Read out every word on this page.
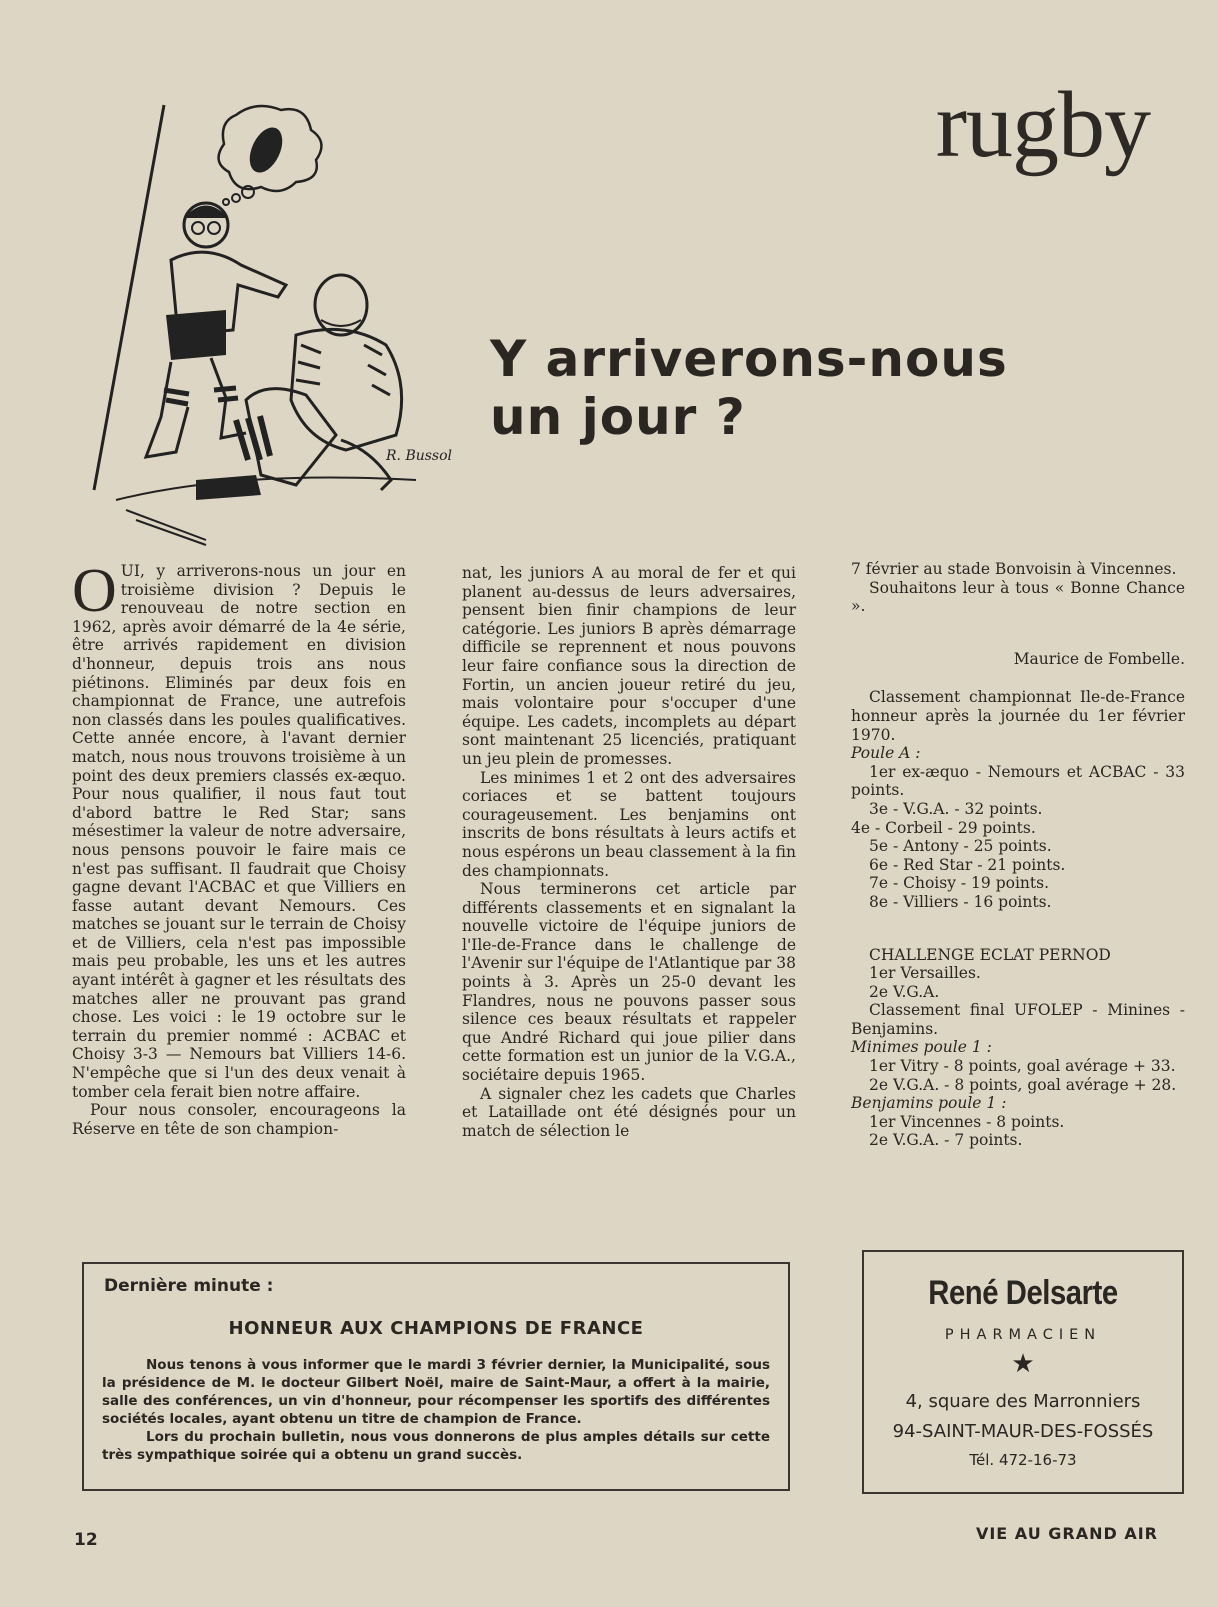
rugby
R. Bussol
Y arriverons-nous
un jour ?

OUI, y arriverons-nous un jour en troisième division ? Depuis le renouveau de notre section en 1962, après avoir démarré de la 4e série, être arrivés rapidement en division d'honneur, depuis trois ans nous piétinons. Eliminés par deux fois en championnat de France, une autrefois non classés dans les poules qualificatives. Cette année encore, à l'avant dernier match, nous nous trouvons troisième à un point des deux premiers classés ex-æquo. Pour nous qualifier, il nous faut tout d'abord battre le Red Star; sans mésestimer la valeur de notre adversaire, nous pensons pouvoir le faire mais ce n'est pas suffisant. Il faudrait que Choisy gagne devant l'ACBAC et que Villiers en fasse autant devant Nemours. Ces matches se jouant sur le terrain de Choisy et de Villiers, cela n'est pas impossible mais peu probable, les uns et les autres ayant intérêt à gagner et les résultats des matches aller ne prouvant pas grand chose. Les voici : le 19 octobre sur le terrain du premier nommé : ACBAC et Choisy 3-3 — Nemours bat Villiers 14-6. N'empêche que si l'un des deux venait à tomber cela ferait bien notre affaire.

Pour nous consoler, encourageons la Réserve en tête de son champion-

nat, les juniors A au moral de fer et qui planent au-dessus de leurs adversaires, pensent bien finir champions de leur catégorie. Les juniors B après démarrage difficile se reprennent et nous pouvons leur faire confiance sous la direction de Fortin, un ancien joueur retiré du jeu, mais volontaire pour s'occuper d'une équipe. Les cadets, incomplets au départ sont maintenant 25 licenciés, pratiquant un jeu plein de promesses.

Les minimes 1 et 2 ont des adversaires coriaces et se battent toujours courageusement. Les benjamins ont inscrits de bons résultats à leurs actifs et nous espérons un beau classement à la fin des championnats.

Nous terminerons cet article par différents classements et en signalant la nouvelle victoire de l'équipe juniors de l'Ile-de-France dans le challenge de l'Avenir sur l'équipe de l'Atlantique par 38 points à 3. Après un 25-0 devant les Flandres, nous ne pouvons passer sous silence ces beaux résultats et rappeler que André Richard qui joue pilier dans cette formation est un junior de la V.G.A., sociétaire depuis 1965.

A signaler chez les cadets que Charles et Lataillade ont été désignés pour un match de sélection le

7 février au stade Bonvoisin à Vincennes.

Souhaitons leur à tous « Bonne Chance ».

Maurice de Fombelle.

Classement championnat Ile-de-France honneur après la journée du 1er février 1970.

Poule A :

1er ex-æquo - Nemours et ACBAC - 33 points.

3e - V.G.A. - 32 points.

4e - Corbeil - 29 points.

5e - Antony - 25 points.

6e - Red Star - 21 points.

7e - Choisy - 19 points.

8e - Villiers - 16 points.

CHALLENGE ECLAT PERNOD

1er Versailles.

2e V.G.A.

Classement final UFOLEP - Minines - Benjamins.

Minimes poule 1 :

1er Vitry - 8 points, goal avérage + 33.

2e V.G.A. - 8 points, goal avérage + 28.

Benjamins poule 1 :

1er Vincennes - 8 points.

2e V.G.A. - 7 points.

Dernière minute :
HONNEUR AUX CHAMPIONS DE FRANCE

Nous tenons à vous informer que le mardi 3 février dernier, la Municipalité, sous la présidence de M. le docteur Gilbert Noël, maire de Saint-Maur, a offert à la mairie, salle des conférences, un vin d'honneur, pour récompenser les sportifs des différentes sociétés locales, ayant obtenu un titre de champion de France.

Lors du prochain bulletin, nous vous donnerons de plus amples détails sur cette très sympathique soirée qui a obtenu un grand succès.

René Delsarte
PHARMACIEN
★
4, square des Marronniers
94-SAINT-MAUR-DES-FOSSÉS
Tél. 472-16-73
12	VIE AU GRAND AIR
